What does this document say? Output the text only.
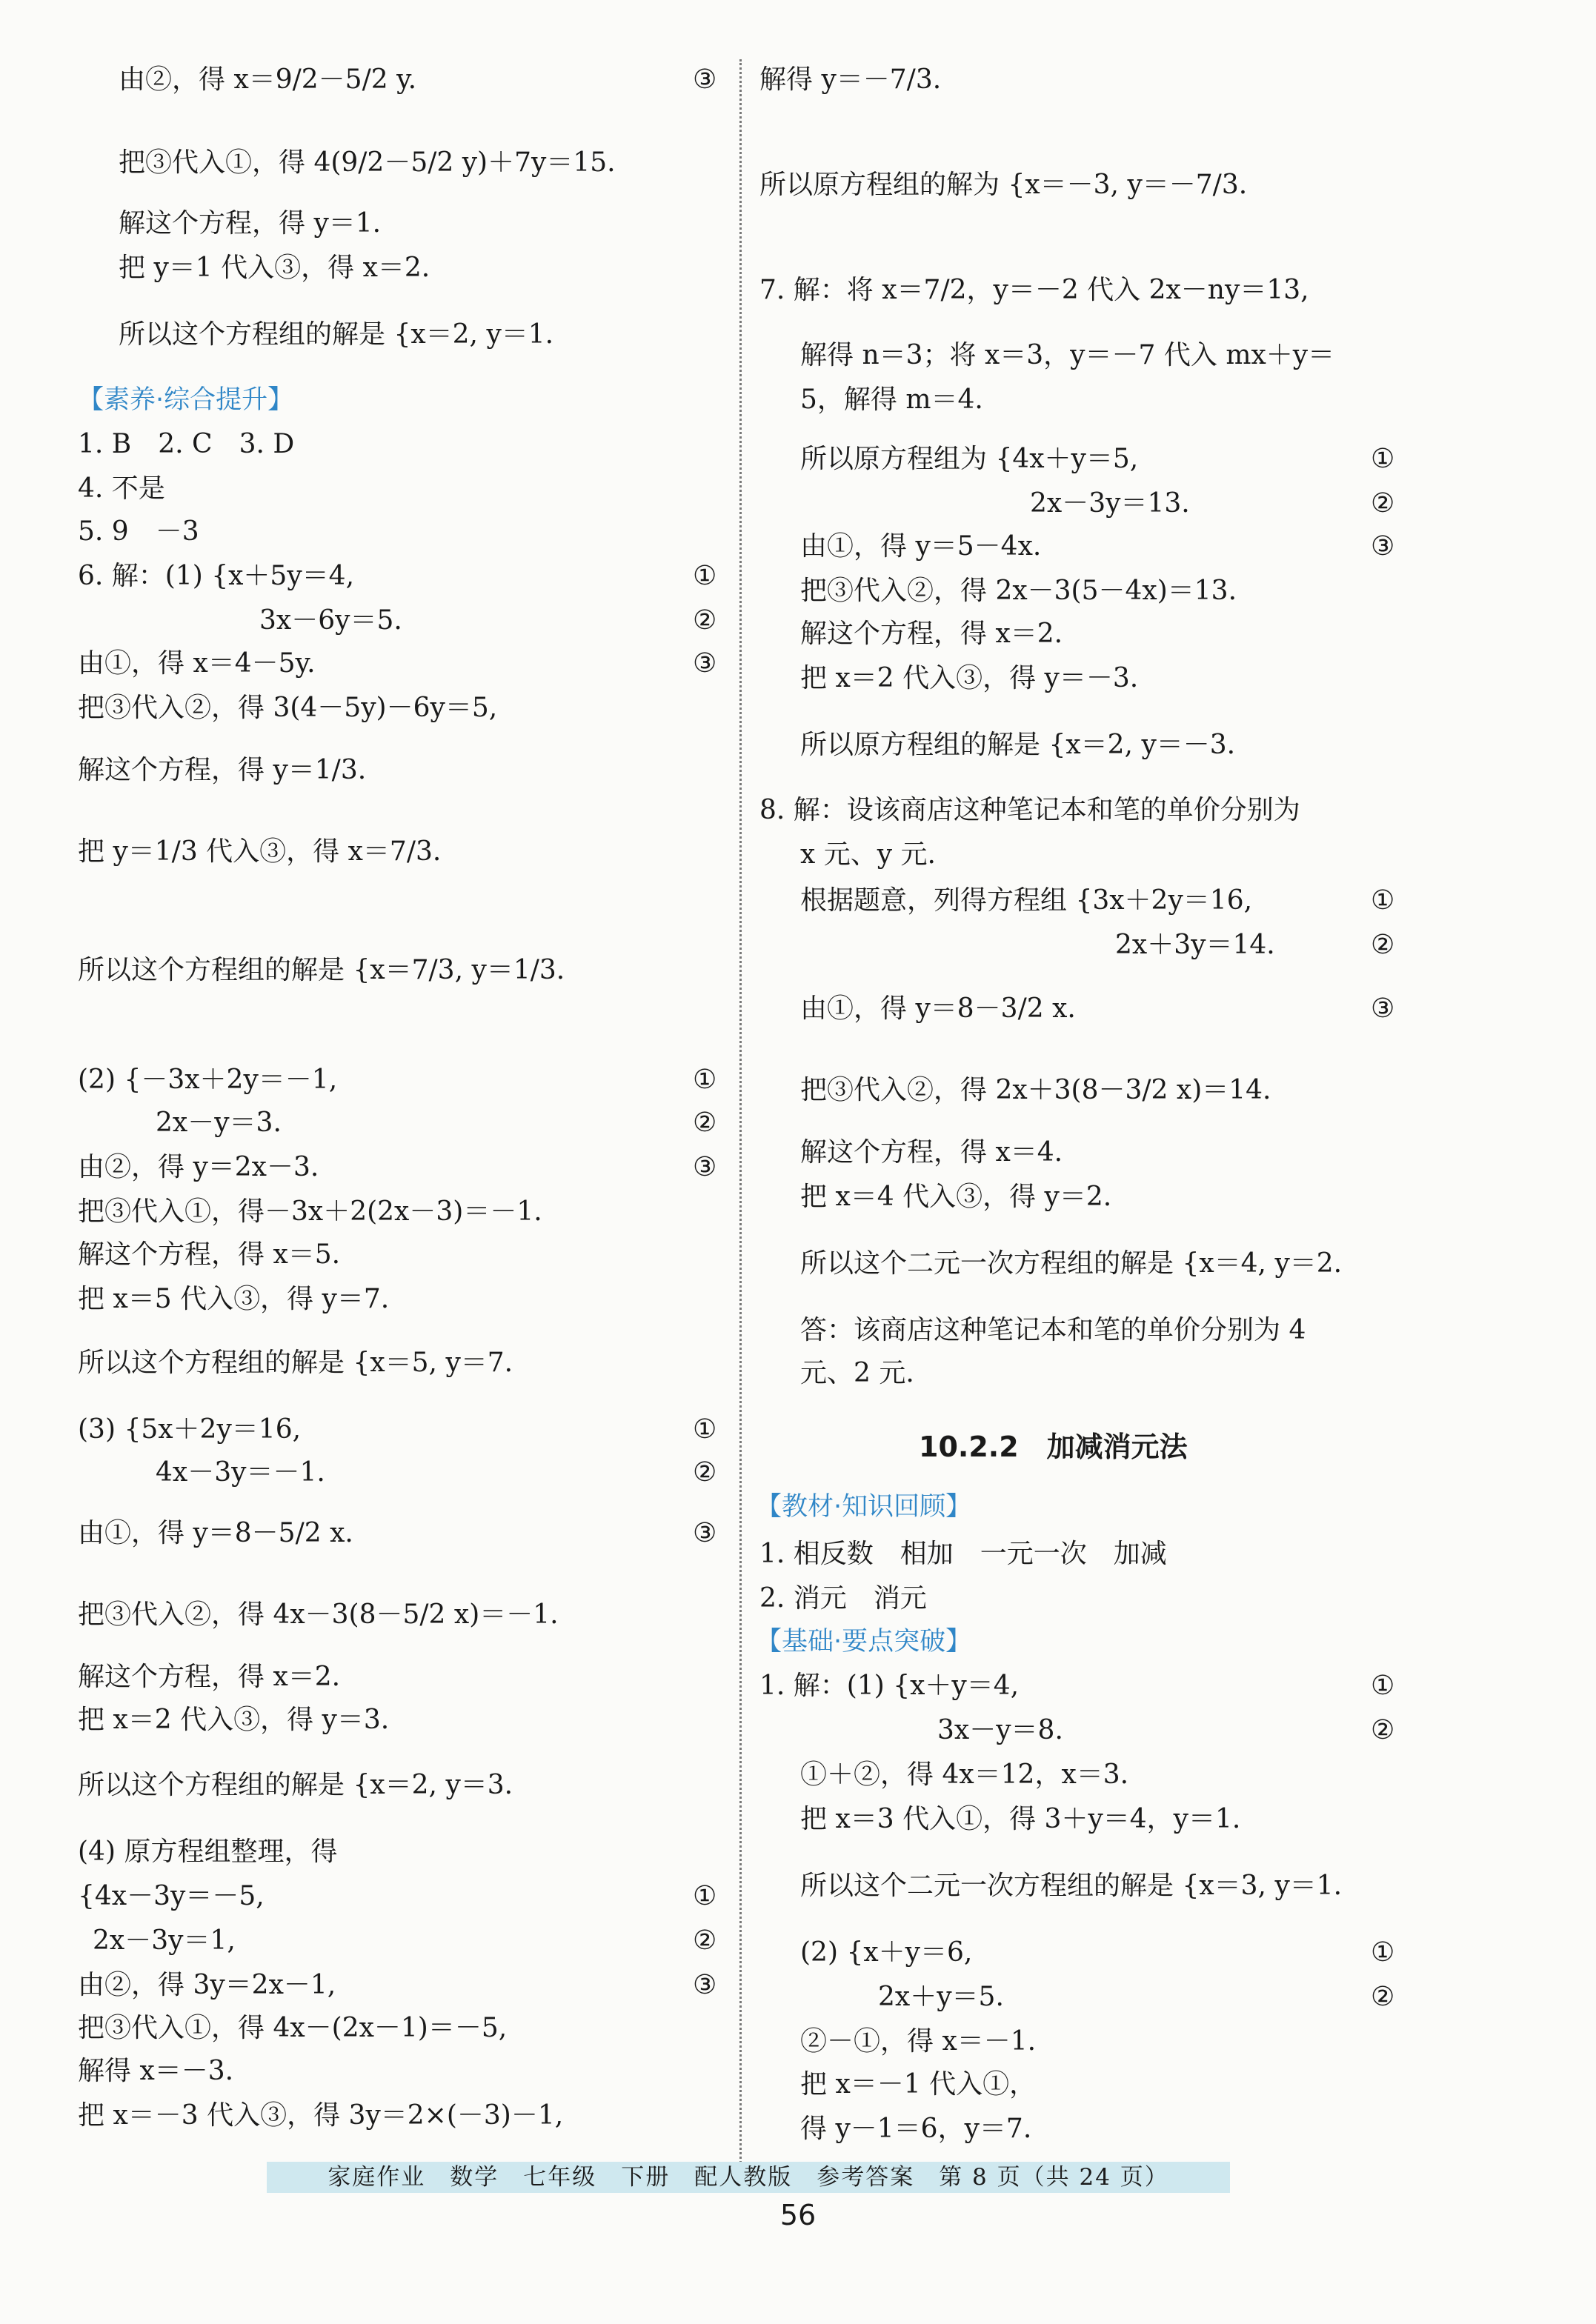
家庭作业　数学　七年级　下册　配人教版　参考答案　第 8 页（共 24 页）
56
由②，得 x＝9/2－5/2 y.	③
把③代入①，得 4(9/2－5/2 y)＋7y＝15.
解这个方程，得 y＝1.
把 y＝1 代入③，得 x＝2.
所以这个方程组的解是 {x＝2, y＝1.
【素养·综合提升】
1. B　2. C　3. D
4. 不是
5. 9　－3
6. 解：(1) {x＋5y＝4,	①
3x－6y＝5.	②
由①，得 x＝4－5y.	③
把③代入②，得 3(4－5y)－6y＝5,
解这个方程，得 y＝1/3.
把 y＝1/3 代入③，得 x＝7/3.
所以这个方程组的解是 {x＝7/3, y＝1/3.
(2) {－3x＋2y＝－1,	①
2x－y＝3.	②
由②，得 y＝2x－3.	③
把③代入①，得－3x＋2(2x－3)＝－1.
解这个方程，得 x＝5.
把 x＝5 代入③，得 y＝7.
所以这个方程组的解是 {x＝5, y＝7.
(3) {5x＋2y＝16,	①
4x－3y＝－1.	②
由①，得 y＝8－5/2 x.	③
把③代入②，得 4x－3(8－5/2 x)＝－1.
解这个方程，得 x＝2.
把 x＝2 代入③，得 y＝3.
所以这个方程组的解是 {x＝2, y＝3.
(4) 原方程组整理，得
{4x－3y＝－5,	①
2x－3y＝1,	②
由②，得 3y＝2x－1,	③
把③代入①，得 4x－(2x－1)＝－5,
解得 x＝－3.
把 x＝－3 代入③，得 3y＝2×(－3)－1,
解得 y＝－7/3.
所以原方程组的解为 {x＝－3, y＝－7/3.
7. 解：将 x＝7/2，y＝－2 代入 2x－ny＝13,
解得 n＝3；将 x＝3，y＝－7 代入 mx＋y＝
5，解得 m＝4.
所以原方程组为 {4x＋y＝5,	①
2x－3y＝13.	②
由①，得 y＝5－4x.	③
把③代入②，得 2x－3(5－4x)＝13.
解这个方程，得 x＝2.
把 x＝2 代入③，得 y＝－3.
所以原方程组的解是 {x＝2, y＝－3.
8. 解：设该商店这种笔记本和笔的单价分别为
x 元、y 元.
根据题意，列得方程组 {3x＋2y＝16,	①
2x＋3y＝14.	②
由①，得 y＝8－3/2 x.	③
把③代入②，得 2x＋3(8－3/2 x)＝14.
解这个方程，得 x＝4.
把 x＝4 代入③，得 y＝2.
所以这个二元一次方程组的解是 {x＝4, y＝2.
答：该商店这种笔记本和笔的单价分别为 4
元、2 元.
10.2.2　加减消元法
【教材·知识回顾】
1. 相反数　相加　一元一次　加减
2. 消元　消元
【基础·要点突破】
1. 解：(1) {x＋y＝4,	①
3x－y＝8.	②
①＋②，得 4x＝12，x＝3.
把 x＝3 代入①，得 3＋y＝4，y＝1.
所以这个二元一次方程组的解是 {x＝3, y＝1.
(2) {x＋y＝6,	①
2x＋y＝5.	②
②－①，得 x＝－1.
把 x＝－1 代入①，
得 y－1＝6，y＝7.
